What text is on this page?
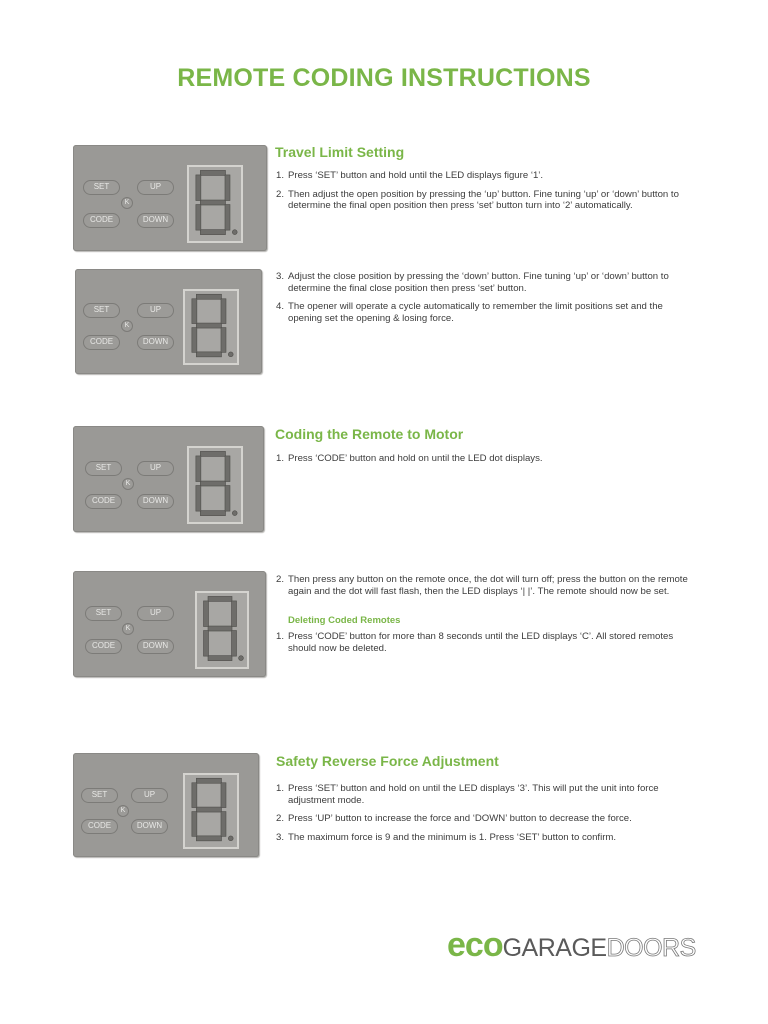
REMOTE CODING INSTRUCTIONS
SET	UP
K
CODE	DOWN
SET	UP
K
CODE	DOWN
SET	UP
K
CODE	DOWN
SET	UP
K
CODE	DOWN
SET	UP
K
CODE	DOWN
Travel Limit Setting
1. Press ‘SET’ button and hold until the LED displays figure ‘1’.
2. Then adjust the open position by pressing the ‘up’ button. Fine tuning ‘up’ or ‘down’ button to determine the final open position then press ‘set’ button turn into ‘2’ automatically.
3. Adjust the close position by pressing the ‘down’ button. Fine tuning ‘up’ or ‘down’ button to determine the final close position then press ‘set’ button.
4. The opener will operate a cycle automatically to remember the limit positions set and the opening set the opening & losing force.
Coding the Remote to Motor
1. Press ‘CODE’ button and hold on until the LED dot displays.
2. Then press any button on the remote once, the dot will turn off; press the button on the remote again and the dot will fast flash, then the LED displays ‘| |’. The remote should now be set.
Deleting Coded Remotes
1. Press ‘CODE’ button for more than 8 seconds until the LED displays ‘C’. All stored remotes should now be deleted.
Safety Reverse Force Adjustment
1. Press ‘SET’ button and hold on until the LED displays ‘3’. This will put the unit into force adjustment mode.
2. Press ‘UP’ button to increase the force and ‘DOWN’ button to decrease the force.
3. The maximum force is 9 and the minimum is 1. Press ‘SET’ button to confirm.
ecoGARAGEDOORS
